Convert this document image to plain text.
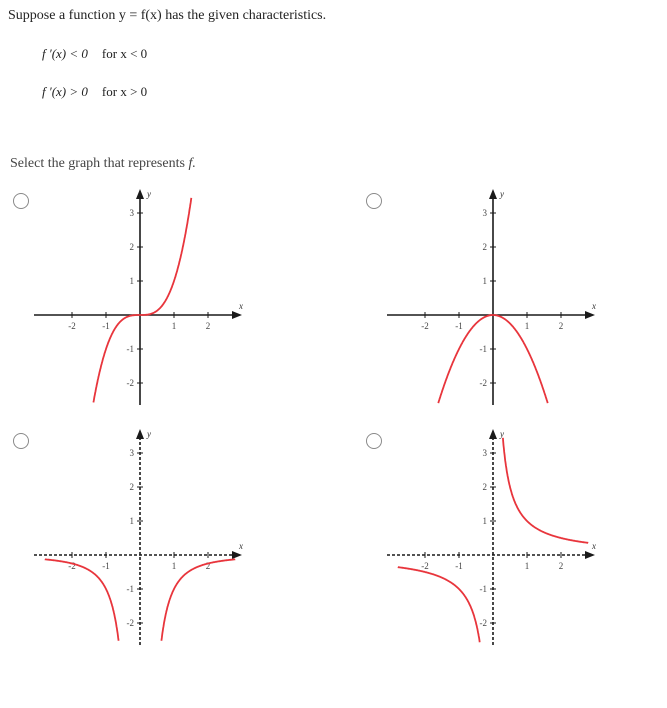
Suppose a function y = f(x) has the given characteristics.
f ′(x) < 0 for x < 0
f ′(x) > 0 for x > 0
Select the graph that represents f.
x
y
-2	-1	1	2
3
2
1
-1
-2
x
y
-2	-1	1	2
3
2
1
-1
-2
x
y
-2	-1	1	2
3
2
1
-1
-2
x
y
-2	-1	1	2
3
2
1
-1
-2
